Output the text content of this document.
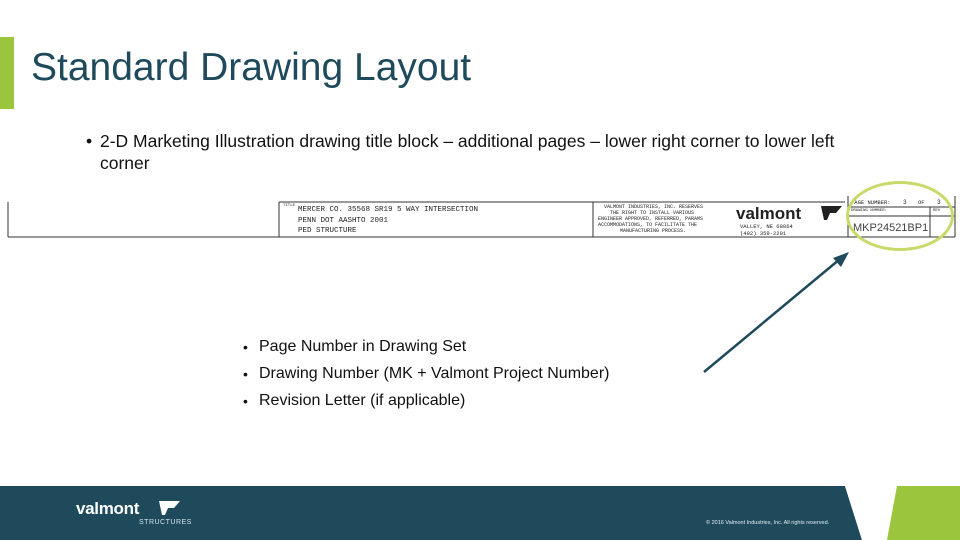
Standard Drawing Layout
• 2-D Marketing Illustration drawing title block – additional pages – lower right corner to lower left corner
valmont
TITLE MERCER CO. 35568 SR19 5 WAY INTERSECTION
PENN DOT AASHTO 2001
PED STRUCTURE
VALMONT INDUSTRIES, INC. RESERVES
THE RIGHT TO INSTALL VARIOUS
ENGINEER APPROVED, REFERRED, PARAMS
ACCOMMODATIONS, TO FACILITATE THE
MANUFACTURING PROCESS.
VALLEY, NE 68064
(402) 359-2201
PAGE NUMBER: 3 OF 3
DRAWING NUMBER:	REV
MKP24521BP1
• Page Number in Drawing Set
• Drawing Number (MK + Valmont Project Number)
• Revision Letter (if applicable)
valmont
STRUCTURES	© 2016 Valmont Industries, Inc. All rights reserved.
